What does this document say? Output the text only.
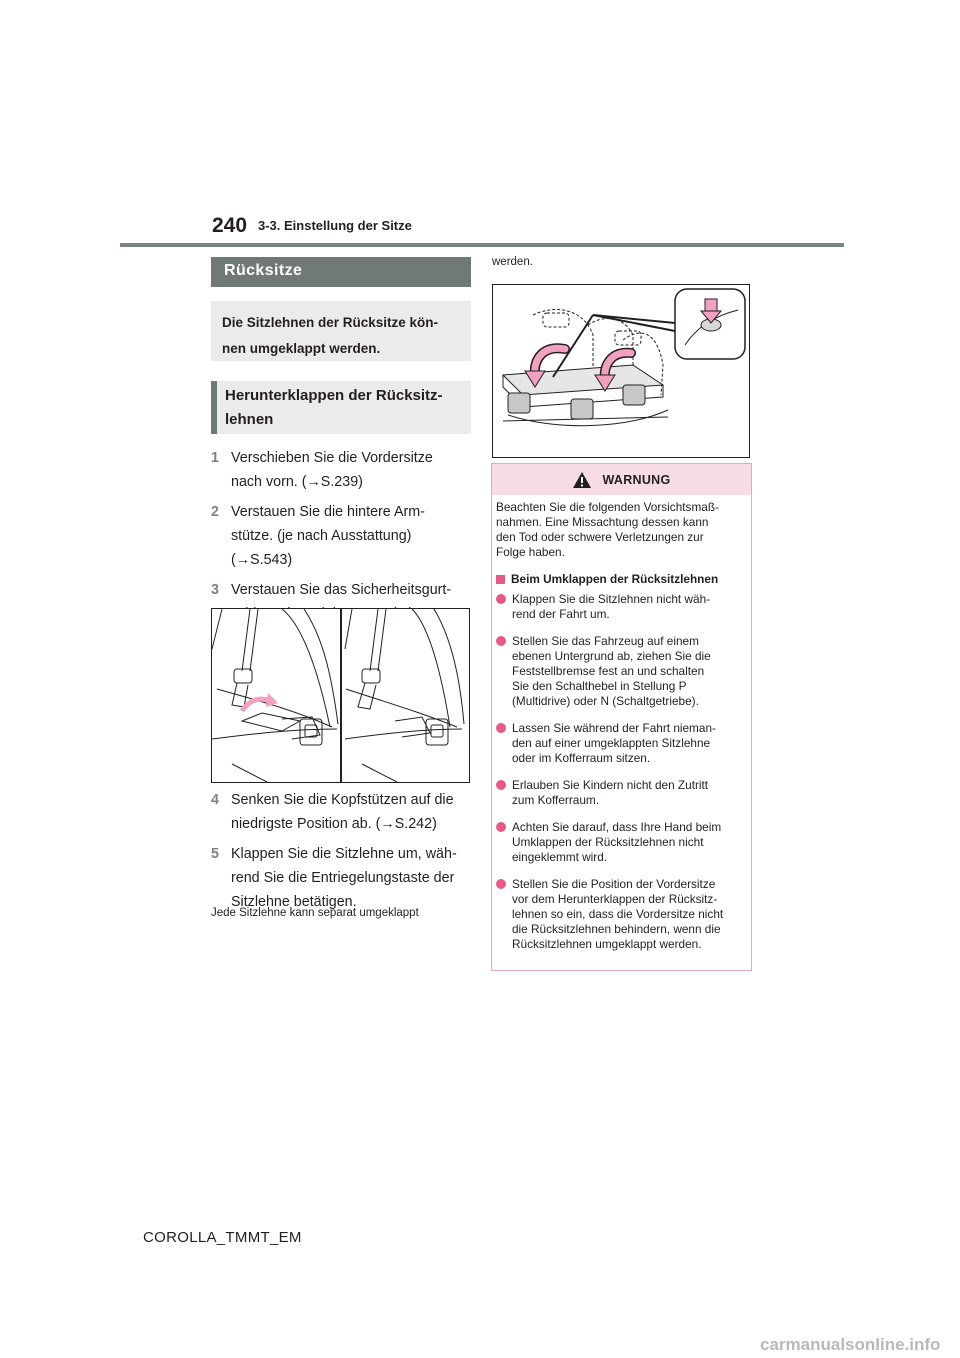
240 3-3. Einstellung der Sitze
Rücksitze
Die Sitzlehnen der Rücksitze kön-
nen umgeklappt werden.
Herunterklappen der Rücksitz-
lehnen
1 Verschieben Sie die Vordersitze
nach vorn. (→S.239)
2 Verstauen Sie die hintere Arm-
stütze. (je nach Ausstattung)
(→S.543)
3 Verstauen Sie das Sicherheitsgurt-

4 Senken Sie die Kopfstützen auf die
niedrigste Position ab. (→S.242)
5 Klappen Sie die Sitzlehne um, wäh-
rend Sie die Entriegelungstaste der
Sitzlehne betätigen.
Jede Sitzlehne kann separat umgeklappt
werden.
WARNUNG
Beachten Sie die folgenden Vorsichtsmaß-
nahmen. Eine Missachtung dessen kann
den Tod oder schwere Verletzungen zur
Folge haben.
Beim Umklappen der Rücksitzlehnen
Klappen Sie die Sitzlehnen nicht wäh-
rend der Fahrt um.
Stellen Sie das Fahrzeug auf einem
ebenen Untergrund ab, ziehen Sie die
Feststellbremse fest an und schalten
Sie den Schalthebel in Stellung P
(Multidrive) oder N (Schaltgetriebe).
Lassen Sie während der Fahrt nieman-
den auf einer umgeklappten Sitzlehne
oder im Kofferraum sitzen.
Erlauben Sie Kindern nicht den Zutritt
zum Kofferraum.
Achten Sie darauf, dass Ihre Hand beim
Umklappen der Rücksitzlehnen nicht
eingeklemmt wird.
Stellen Sie die Position der Vordersitze
vor dem Herunterklappen der Rücksitz-
lehnen so ein, dass die Vordersitze nicht
die Rücksitzlehnen behindern, wenn die
Rücksitzlehnen umgeklappt werden.
COROLLA_TMMT_EM
carmanualsonline.info
